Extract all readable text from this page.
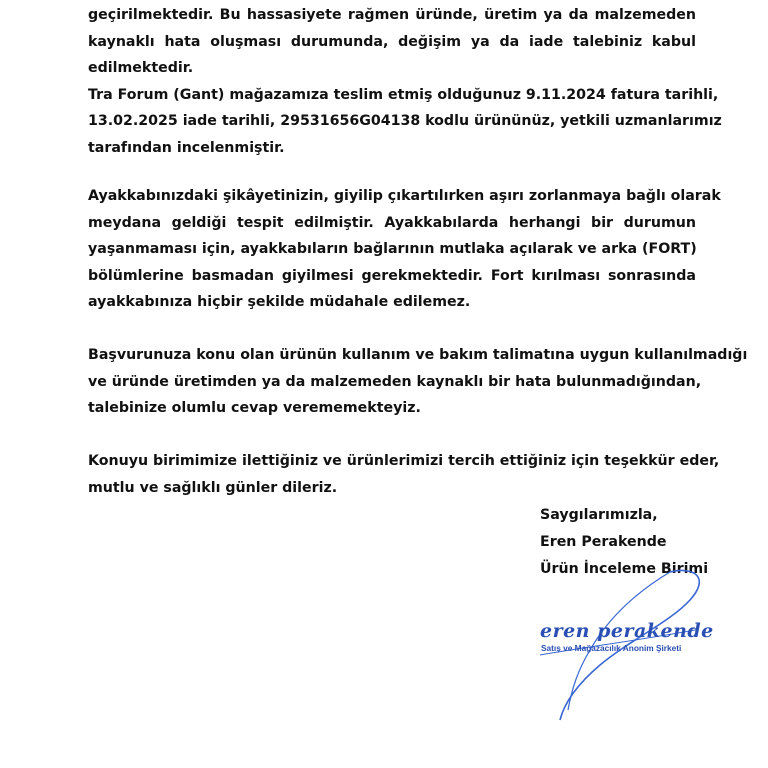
geçirilmektedir. Bu hassasiyete rağmen üründe, üretim ya da malzemeden
kaynaklı hata oluşması durumunda, değişim ya da iade talebiniz kabul
edilmektedir.
Tra Forum (Gant) mağazamıza teslim etmiş olduğunuz 9.11.2024 fatura tarihli,
13.02.2025 iade tarihli, 29531656G04138 kodlu ürününüz, yetkili uzmanlarımız
tarafından incelenmiştir.
Ayakkabınızdaki şikâyetinizin, giyilip çıkartılırken aşırı zorlanmaya bağlı olarak
meydana geldiği tespit edilmiştir. Ayakkabılarda herhangi bir durumun
yaşanmaması için, ayakkabıların bağlarının mutlaka açılarak ve arka (FORT)
bölümlerine basmadan giyilmesi gerekmektedir. Fort kırılması sonrasında
ayakkabınıza hiçbir şekilde müdahale edilemez.
Başvurunuza konu olan ürünün kullanım ve bakım talimatına uygun kullanılmadığı
ve üründe üretimden ya da malzemeden kaynaklı bir hata bulunmadığından,
talebinize olumlu cevap verememekteyiz.
Konuyu birimimize ilettiğiniz ve ürünlerimizi tercih ettiğiniz için teşekkür eder,
mutlu ve sağlıklı günler dileriz.
Saygılarımızla,
Eren Perakende
Ürün İnceleme Birimi
eren perakende
Satış ve Mağazacılık Anonim Şirketi
